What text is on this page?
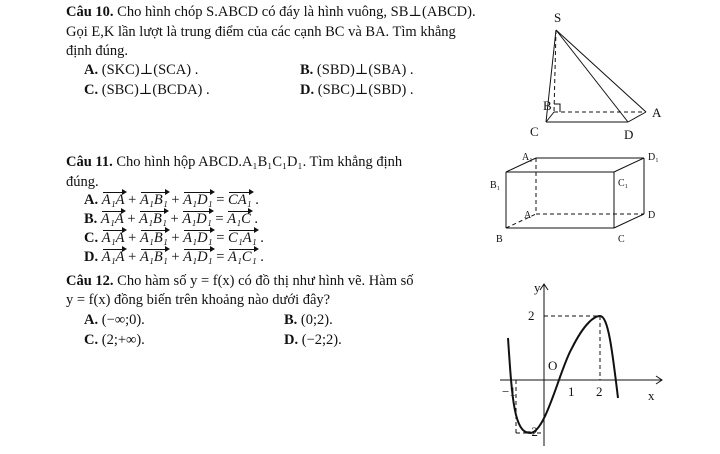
Câu 10. Cho hình chóp S.ABCD có đáy là hình vuông, SB⊥(ABCD).
Gọi E,K lần lượt là trung điểm của các cạnh BC và BA. Tìm khẳng
định đúng.
A. (SKC)⊥(SCA) .	B. (SBD)⊥(SBA) .
C. (SBC)⊥(BCDA) .	D. (SBC)⊥(SBD) .
S
A
B
C	D
Câu 11. Cho hình hộp ABCD.A₁B₁C₁D₁. Tìm khẳng định
đúng.
A. A₁A + A₁B₁ + A₁D₁ = CA₁ .
B. A₁A + A₁B₁ + A₁D₁ = A₁C .
C. A₁A + A₁B₁ + A₁D₁ = C₁A₁ .
D. A₁A + A₁B₁ + A₁D₁ = A₁C₁ .
A₁	D₁
C₁
B₁
A	D
C
B
Câu 12. Cho hàm số y = f(x) có đồ thị như hình vẽ. Hàm số
y = f(x) đồng biến trên khoảng nào dưới đây?
A. (−∞;0).	B. (0;2).
C. (2;+∞).	D. (−2;2).
y
x
O
2
−2
−1	1 2
